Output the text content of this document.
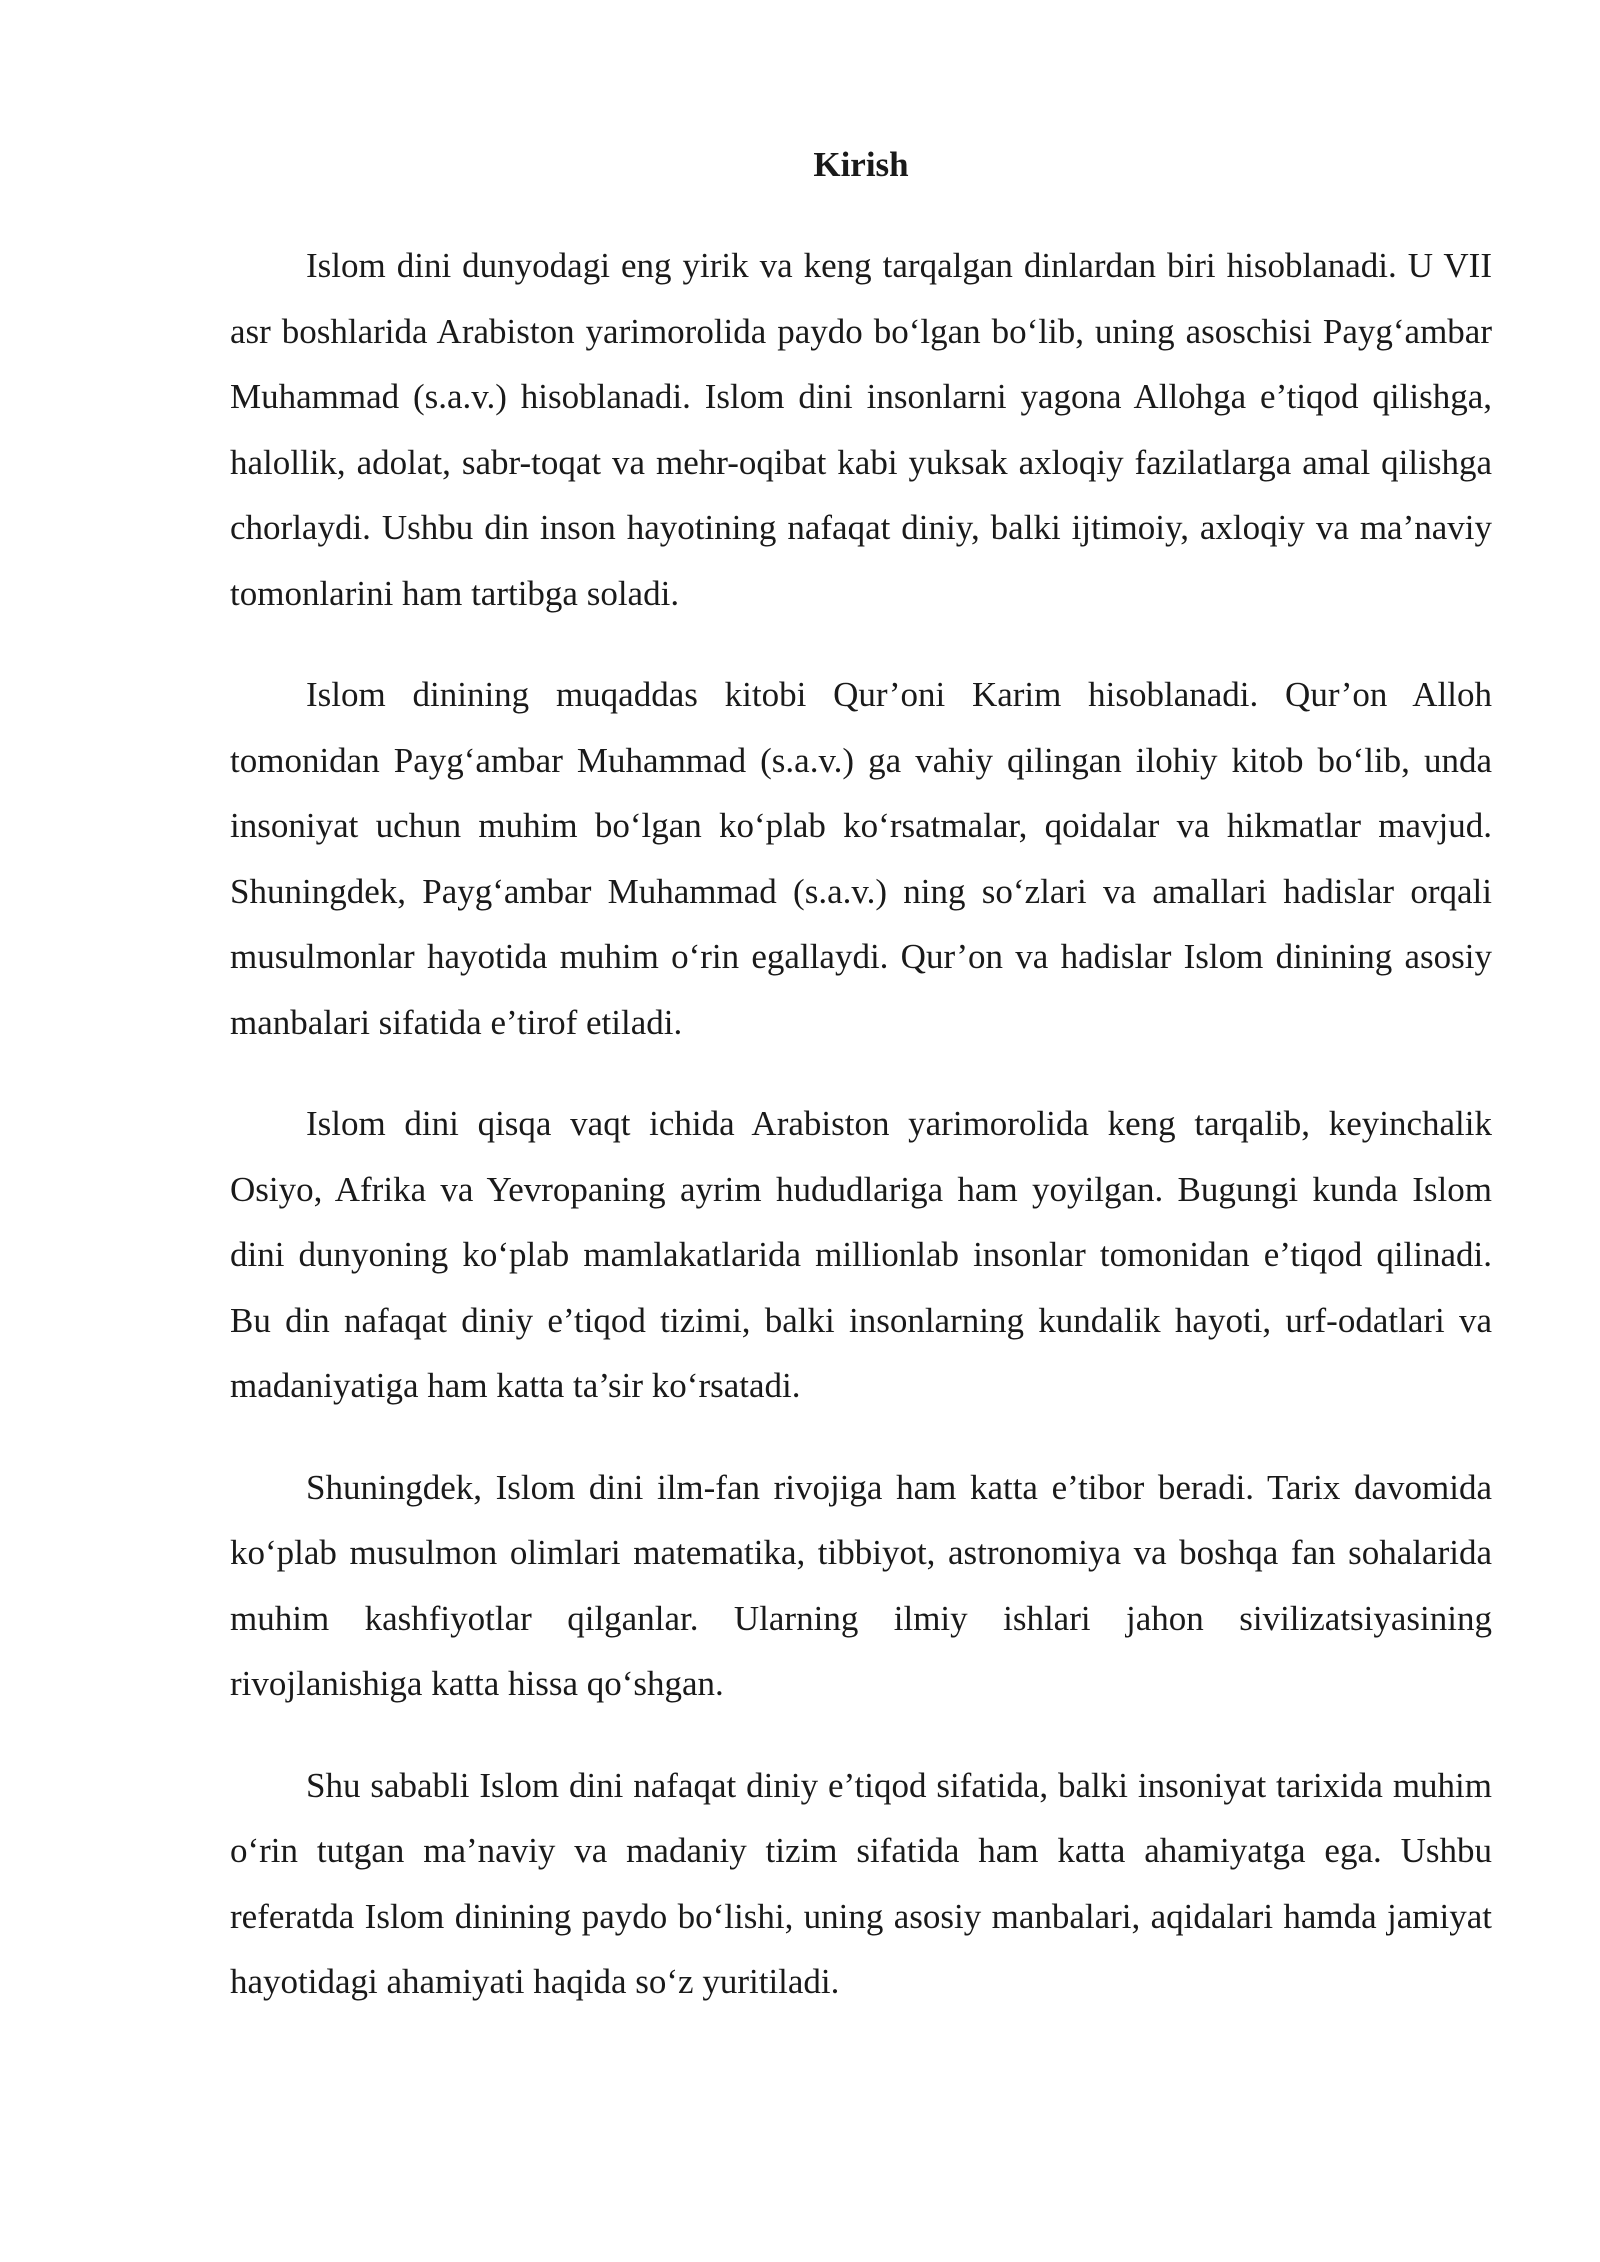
Kirish

Islom dini dunyodagi eng yirik va keng tarqalgan dinlardan biri hisoblanadi. U VII asr boshlarida Arabiston yarimorolida paydo bo‘lgan bo‘lib, uning asoschisi Payg‘ambar Muhammad (s.a.v.) hisoblanadi. Islom dini insonlarni yagona Allohga e’tiqod qilishga, halollik, adolat, sabr-toqat va mehr-oqibat kabi yuksak axloqiy fazilatlarga amal qilishga chorlaydi. Ushbu din inson hayotining nafaqat diniy, balki ijtimoiy, axloqiy va ma’naviy tomonlarini ham tartibga soladi.

Islom dinining muqaddas kitobi Qur’oni Karim hisoblanadi. Qur’on Alloh tomonidan Payg‘ambar Muhammad (s.a.v.) ga vahiy qilingan ilohiy kitob bo‘lib, unda insoniyat uchun muhim bo‘lgan ko‘plab ko‘rsatmalar, qoidalar va hikmatlar mavjud. Shuningdek, Payg‘ambar Muhammad (s.a.v.) ning so‘zlari va amallari hadislar orqali musulmonlar hayotida muhim o‘rin egallaydi. Qur’on va hadislar Islom dinining asosiy manbalari sifatida e’tirof etiladi.

Islom dini qisqa vaqt ichida Arabiston yarimorolida keng tarqalib, keyinchalik Osiyo, Afrika va Yevropaning ayrim hududlariga ham yoyilgan. Bugungi kunda Islom dini dunyoning ko‘plab mamlakatlarida millionlab insonlar tomonidan e’tiqod qilinadi. Bu din nafaqat diniy e’tiqod tizimi, balki insonlarning kundalik hayoti, urf-odatlari va madaniyatiga ham katta ta’sir ko‘rsatadi.

Shuningdek, Islom dini ilm-fan rivojiga ham katta e’tibor beradi. Tarix davomida ko‘plab musulmon olimlari matematika, tibbiyot, astronomiya va boshqa fan sohalarida muhim kashfiyotlar qilganlar. Ularning ilmiy ishlari jahon sivilizatsiyasining rivojlanishiga katta hissa qo‘shgan.

Shu sababli Islom dini nafaqat diniy e’tiqod sifatida, balki insoniyat tarixida muhim o‘rin tutgan ma’naviy va madaniy tizim sifatida ham katta ahamiyatga ega. Ushbu referatda Islom dinining paydo bo‘lishi, uning asosiy manbalari, aqidalari hamda jamiyat hayotidagi ahamiyati haqida so‘z yuritiladi.
